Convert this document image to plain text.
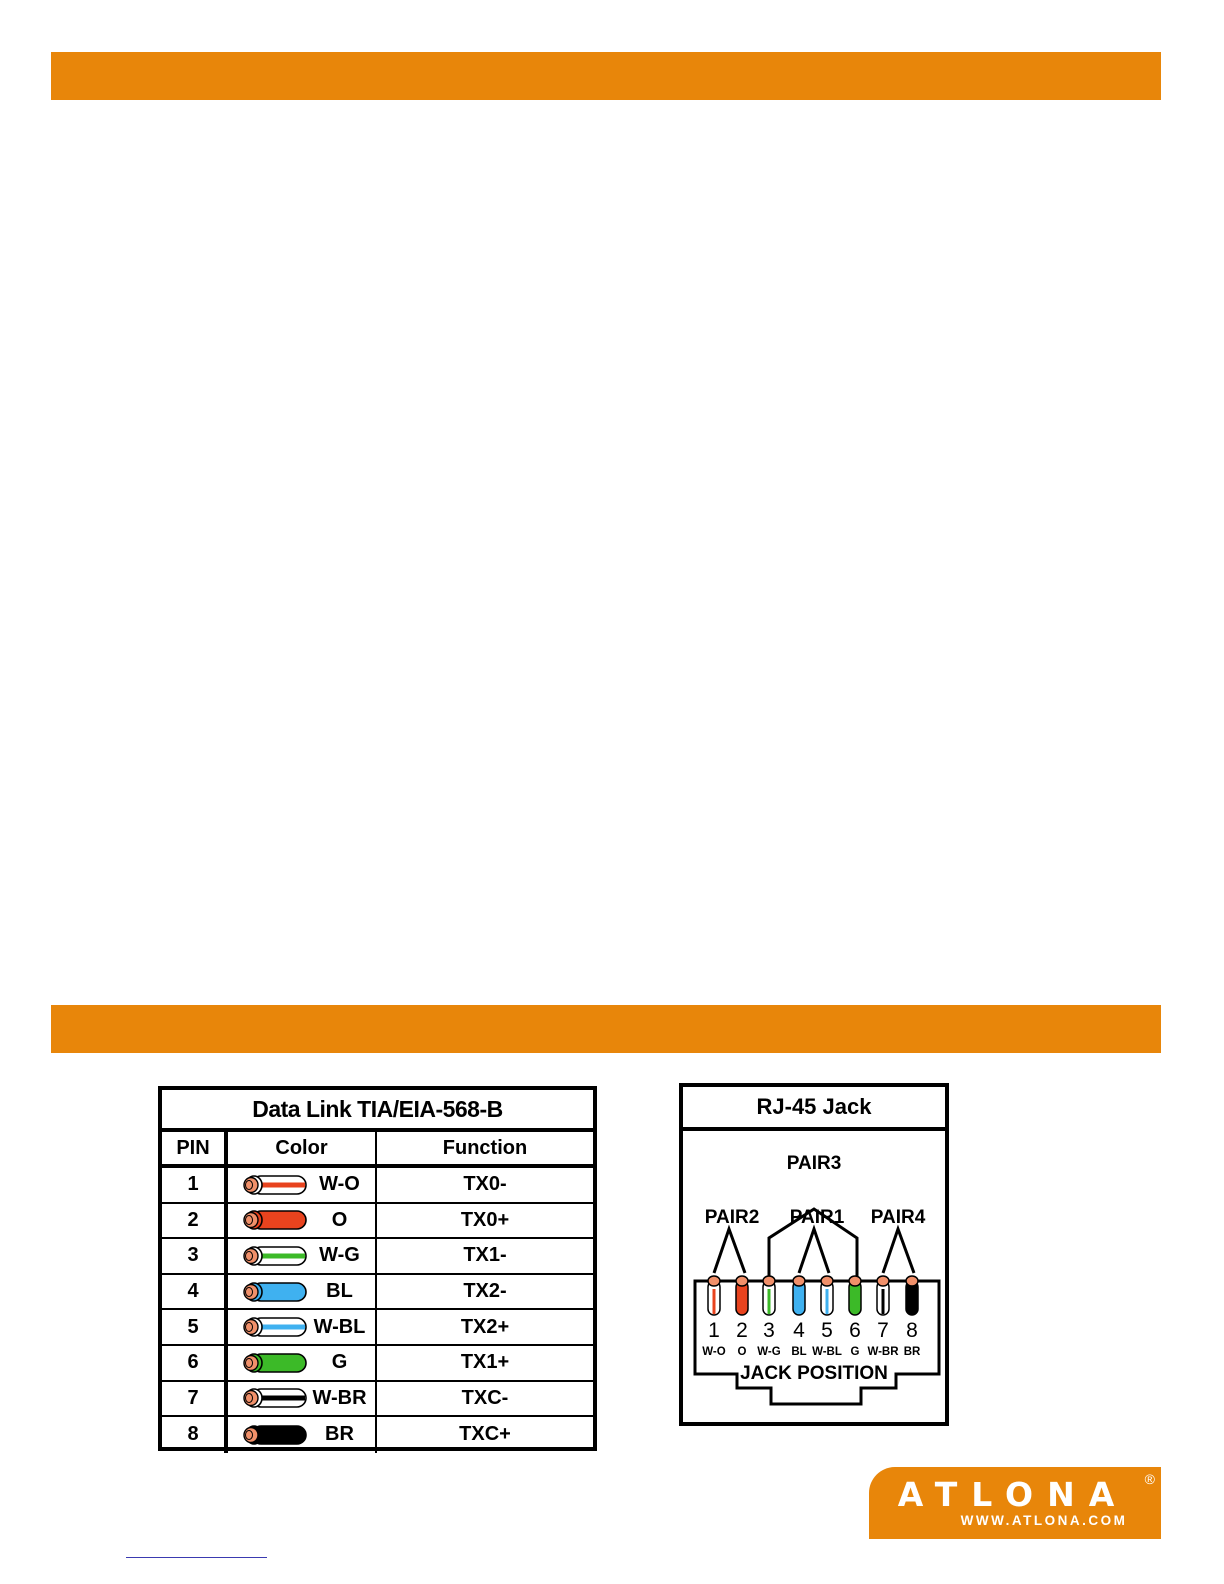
Data Link TIA/EIA-568-B
PIN	Color	Function
1	W-O	TX0-
2	O	TX0+
3	W-G	TX1-
4	BL	TX2-
5	W-BL	TX2+
6	G	TX1+
7	W-BR	TXC-
8	BR	TXC+
RJ-45 Jack
PAIR3
PAIR2 PAIR1 PAIR4
1
W-O
2
O
3
W-G
4
BL
5
W-BL
6
G
7
W-BR
8
BR
JACK POSITION
ATLONA	®
WWW.ATLONA.COM
